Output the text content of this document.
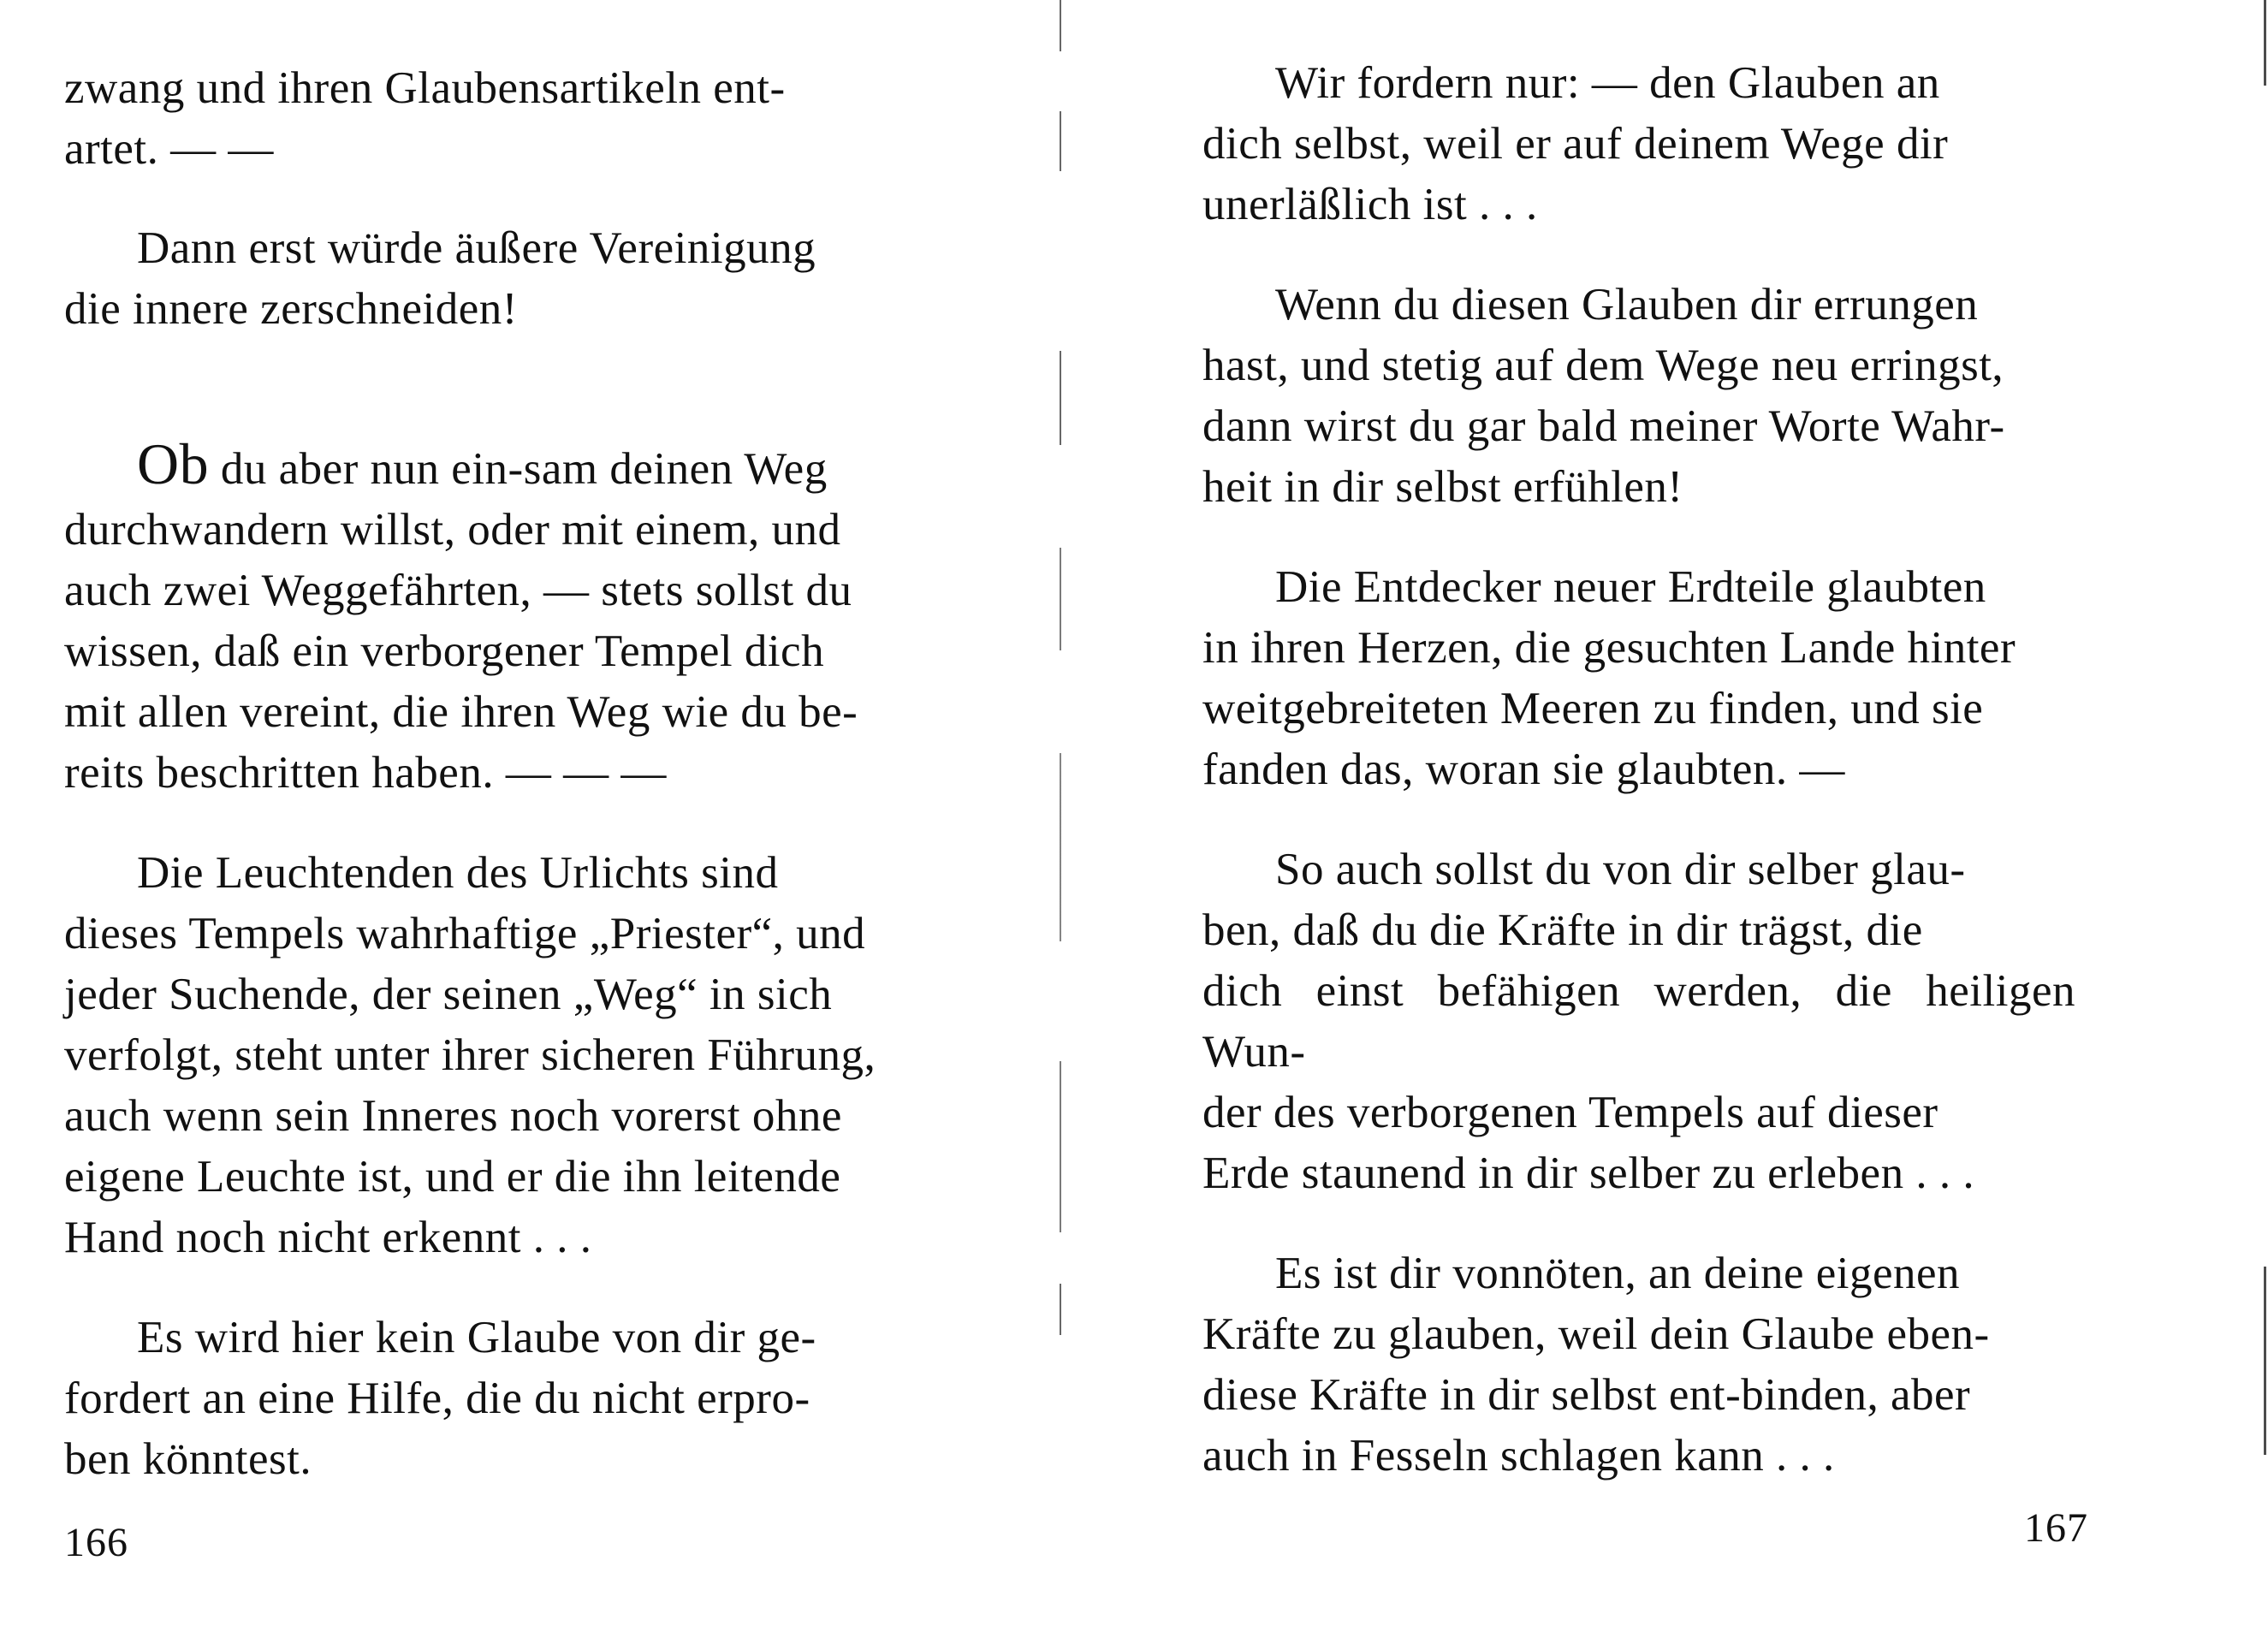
zwang und ihren Glaubensartikeln ent-
artet. — —

Dann erst würde äußere Vereinigung
die innere zerschneiden!

Ob du aber nun ein-sam deinen Weg
durchwandern willst, oder mit einem, und
auch zwei Weggefährten, — stets sollst du
wissen, daß ein verborgener Tempel dich
mit allen vereint, die ihren Weg wie du be-
reits beschritten haben. — — —

Die Leuchtenden des Urlichts sind
dieses Tempels wahrhaftige „Priester“, und
jeder Suchende, der seinen „Weg“ in sich
verfolgt, steht unter ihrer sicheren Führung,
auch wenn sein Inneres noch vorerst ohne
eigene Leuchte ist, und er die ihn leitende
Hand noch nicht erkennt . . .

Es wird hier kein Glaube von dir ge-
fordert an eine Hilfe, die du nicht erpro-
ben könntest.

166

Wir fordern nur: — den Glauben an
dich selbst, weil er auf deinem Wege dir
unerläßlich ist . . .

Wenn du diesen Glauben dir errungen
hast, und stetig auf dem Wege neu erringst,
dann wirst du gar bald meiner Worte Wahr-
heit in dir selbst erfühlen!

Die Entdecker neuer Erdteile glaubten
in ihren Herzen, die gesuchten Lande hinter
weitgebreiteten Meeren zu finden, und sie
fanden das, woran sie glaubten. —

So auch sollst du von dir selber glau-
ben, daß du die Kräfte in dir trägst, die
dich einst befähigen werden, die heiligen Wun-
der des verborgenen Tempels auf dieser
Erde staunend in dir selber zu erleben . . .

Es ist dir vonnöten, an deine eigenen
Kräfte zu glauben, weil dein Glaube eben-
diese Kräfte in dir selbst ent-binden, aber
auch in Fesseln schlagen kann . . .

167
